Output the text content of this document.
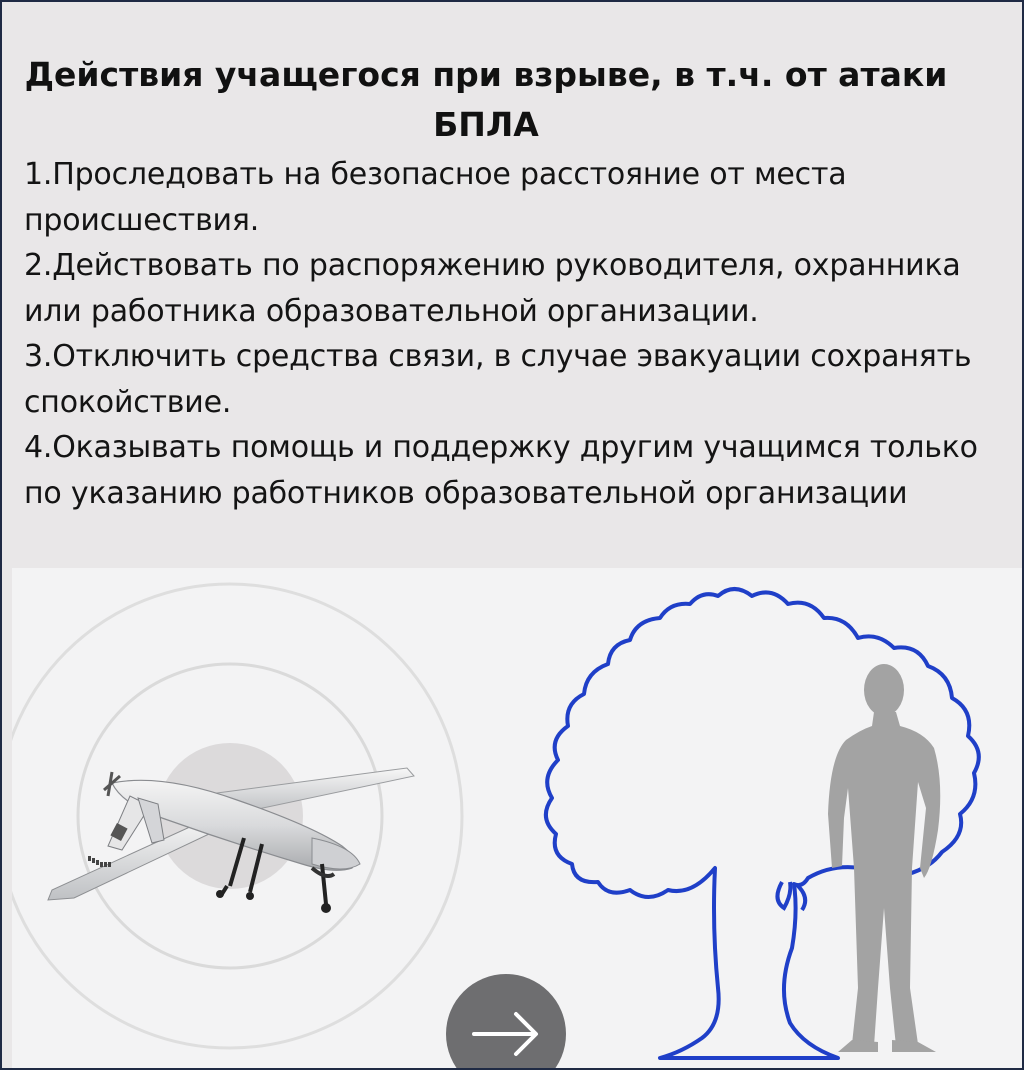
Действия учащегося при взрыве, в т.ч. от атаки
БПЛА
1.Проследовать на безопасное расстояние от места
происшествия.
2.Действовать по распоряжению руководителя, охранника
или работника образовательной организации.
3.Отключить средства связи, в случае эвакуации сохранять
спокойствие.
4.Оказывать помощь и поддержку другим учащимся только
по указанию работников образовательной организации
